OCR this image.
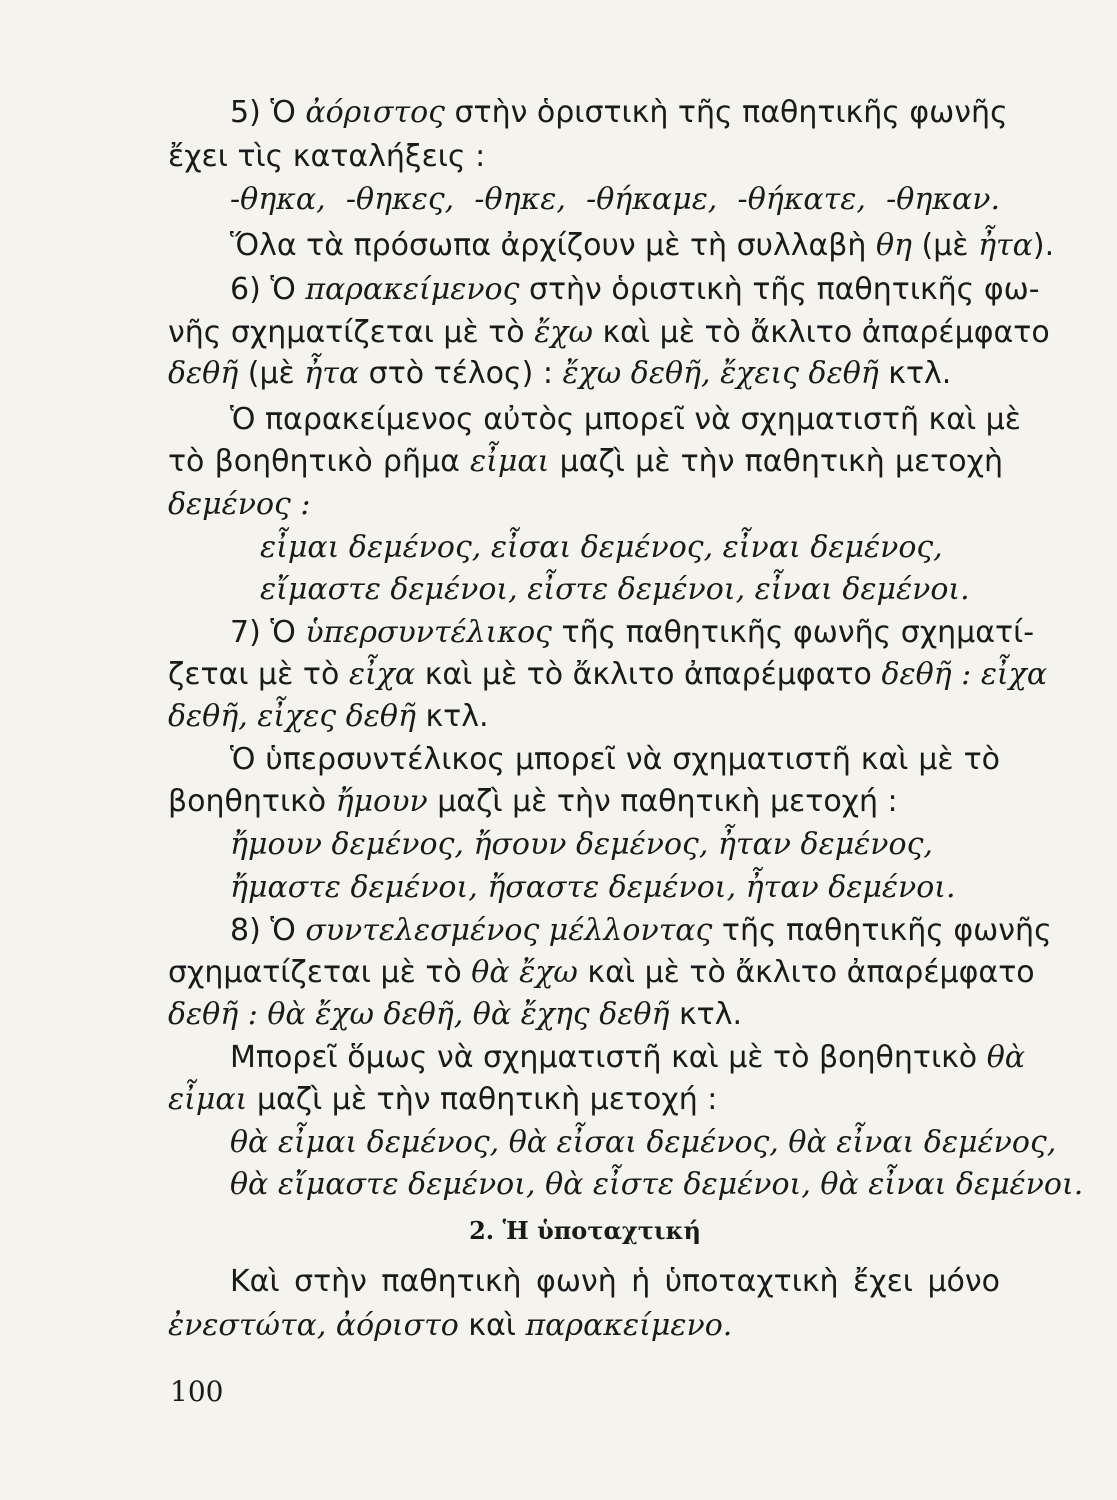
5) Ὁ ἀόριστος στὴν ὁριστικὴ τῆς παθητικῆς φωνῆς
ἔχει τὶς καταλήξεις :
-θηκα, -θηκες, -θηκε, -θήκαμε, -θήκατε, -θηκαν.
Ὅλα τὰ πρόσωπα ἀρχίζουν μὲ τὴ συλλαβὴ θη (μὲ ἦτα).
6) Ὁ παρακείμενος στὴν ὁριστικὴ τῆς παθητικῆς φω-
νῆς σχηματίζεται μὲ τὸ ἔχω καὶ μὲ τὸ ἄκλιτο ἀπαρέμφατο
δεθῆ (μὲ ἦτα στὸ τέλος) : ἔχω δεθῆ, ἔχεις δεθῆ κτλ.
Ὁ παρακείμενος αὐτὸς μπορεῖ νὰ σχηματιστῆ καὶ μὲ
τὸ βοηθητικὸ ρῆμα εἶμαι μαζὶ μὲ τὴν παθητικὴ μετοχὴ
δεμένος :
εἶμαι δεμένος, εἶσαι δεμένος, εἶναι δεμένος,
εἴμαστε δεμένοι, εἶστε δεμένοι, εἶναι δεμένοι.
7) Ὁ ὑπερσυντέλικος τῆς παθητικῆς φωνῆς σχηματί-
ζεται μὲ τὸ εἶχα καὶ μὲ τὸ ἄκλιτο ἀπαρέμφατο δεθῆ : εἶχα
δεθῆ, εἶχες δεθῆ κτλ.
Ὁ ὑπερσυντέλικος μπορεῖ νὰ σχηματιστῆ καὶ μὲ τὸ
βοηθητικὸ ἤμουν μαζὶ μὲ τὴν παθητικὴ μετοχή :
ἤμουν δεμένος, ἤσουν δεμένος, ἦταν δεμένος,
ἤμαστε δεμένοι, ἤσαστε δεμένοι, ἦταν δεμένοι.
8) Ὁ συντελεσμένος μέλλοντας τῆς παθητικῆς φωνῆς
σχηματίζεται μὲ τὸ θὰ ἔχω καὶ μὲ τὸ ἄκλιτο ἀπαρέμφατο
δεθῆ : θὰ ἔχω δεθῆ, θὰ ἔχης δεθῆ κτλ.
Μπορεῖ ὅμως νὰ σχηματιστῆ καὶ μὲ τὸ βοηθητικὸ θὰ
εἶμαι μαζὶ μὲ τὴν παθητικὴ μετοχή :
θὰ εἶμαι δεμένος, θὰ εἶσαι δεμένος, θὰ εἶναι δεμένος,
θὰ εἴμαστε δεμένοι, θὰ εἶστε δεμένοι, θὰ εἶναι δεμένοι.
2. Ἡ ὑποταχτική
Καὶ στὴν παθητικὴ φωνὴ ἡ ὑποταχτικὴ ἔχει μόνο
ἐνεστώτα, ἀόριστο καὶ παρακείμενο.
100
